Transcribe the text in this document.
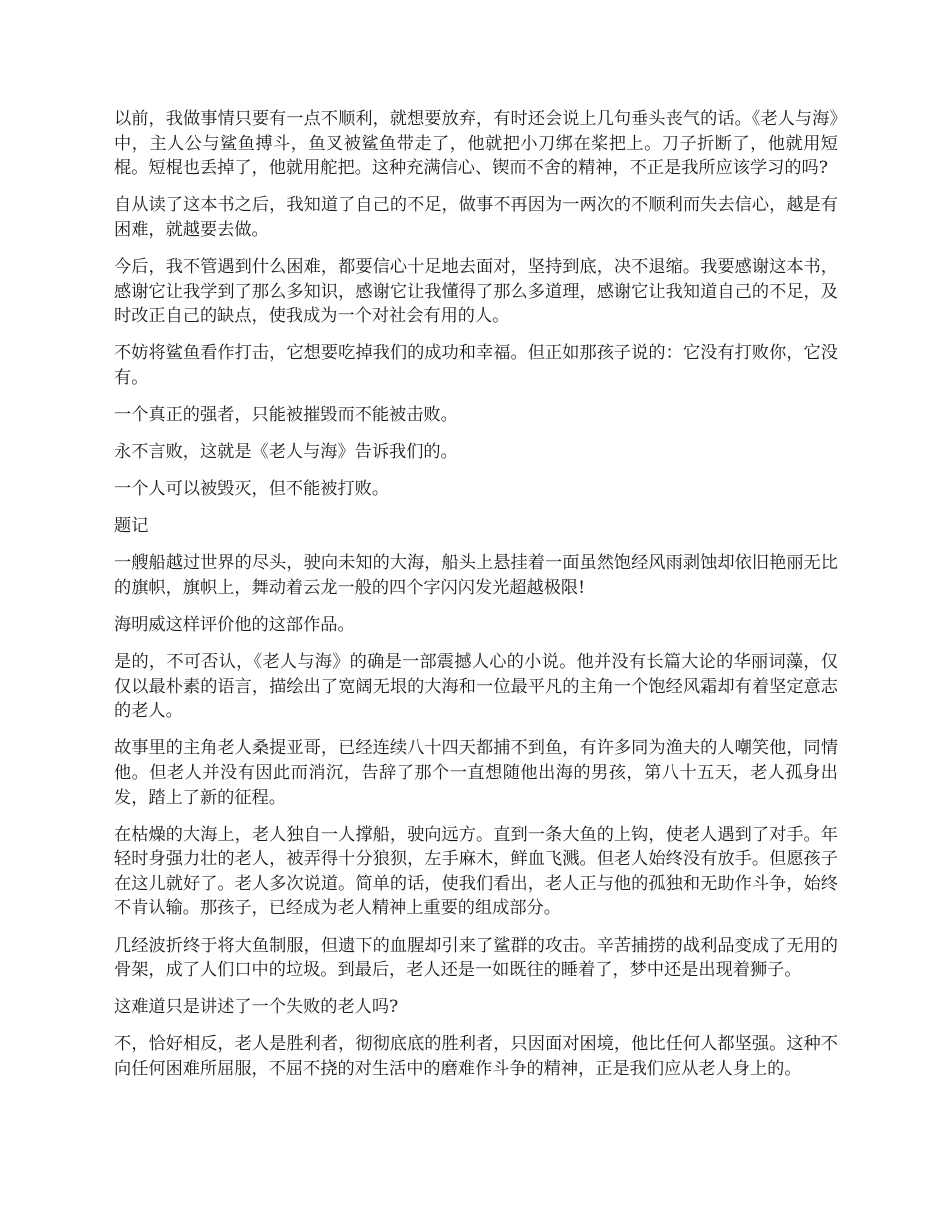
以前，我做事情只要有一点不顺利，就想要放弃，有时还会说上几句垂头丧气的话。《老人与海》中，主人公与鲨鱼搏斗，鱼叉被鲨鱼带走了，他就把小刀绑在桨把上。刀子折断了，他就用短棍。短棍也丢掉了，他就用舵把。这种充满信心、锲而不舍的精神，不正是我所应该学习的吗?

自从读了这本书之后，我知道了自己的不足，做事不再因为一两次的不顺利而失去信心，越是有困难，就越要去做。

今后，我不管遇到什么困难，都要信心十足地去面对，坚持到底，决不退缩。我要感谢这本书，感谢它让我学到了那么多知识，感谢它让我懂得了那么多道理，感谢它让我知道自己的不足，及时改正自己的缺点，使我成为一个对社会有用的人。

不妨将鲨鱼看作打击，它想要吃掉我们的成功和幸福。但正如那孩子说的：它没有打败你，它没有。

一个真正的强者，只能被摧毁而不能被击败。

永不言败，这就是《老人与海》告诉我们的。

一个人可以被毁灭，但不能被打败。

题记

一艘船越过世界的尽头，驶向未知的大海，船头上悬挂着一面虽然饱经风雨剥蚀却依旧艳丽无比的旗帜，旗帜上，舞动着云龙一般的四个字闪闪发光超越极限!

海明威这样评价他的这部作品。

是的，不可否认，《老人与海》的确是一部震撼人心的小说。他并没有长篇大论的华丽词藻，仅仅以最朴素的语言，描绘出了宽阔无垠的大海和一位最平凡的主角一个饱经风霜却有着坚定意志的老人。

故事里的主角老人桑提亚哥，已经连续八十四天都捕不到鱼，有许多同为渔夫的人嘲笑他，同情他。但老人并没有因此而消沉，告辞了那个一直想随他出海的男孩，第八十五天，老人孤身出发，踏上了新的征程。

在枯燥的大海上，老人独自一人撑船，驶向远方。直到一条大鱼的上钩，使老人遇到了对手。年轻时身强力壮的老人，被弄得十分狼狈，左手麻木，鲜血飞溅。但老人始终没有放手。但愿孩子在这儿就好了。老人多次说道。简单的话，使我们看出，老人正与他的孤独和无助作斗争，始终不肯认输。那孩子，已经成为老人精神上重要的组成部分。

几经波折终于将大鱼制服，但遗下的血腥却引来了鲨群的攻击。辛苦捕捞的战利品变成了无用的骨架，成了人们口中的垃圾。到最后，老人还是一如既往的睡着了，梦中还是出现着狮子。

这难道只是讲述了一个失败的老人吗?

不，恰好相反，老人是胜利者，彻彻底底的胜利者，只因面对困境，他比任何人都坚强。这种不向任何困难所屈服，不屈不挠的对生活中的磨难作斗争的精神，正是我们应从老人身上的。
